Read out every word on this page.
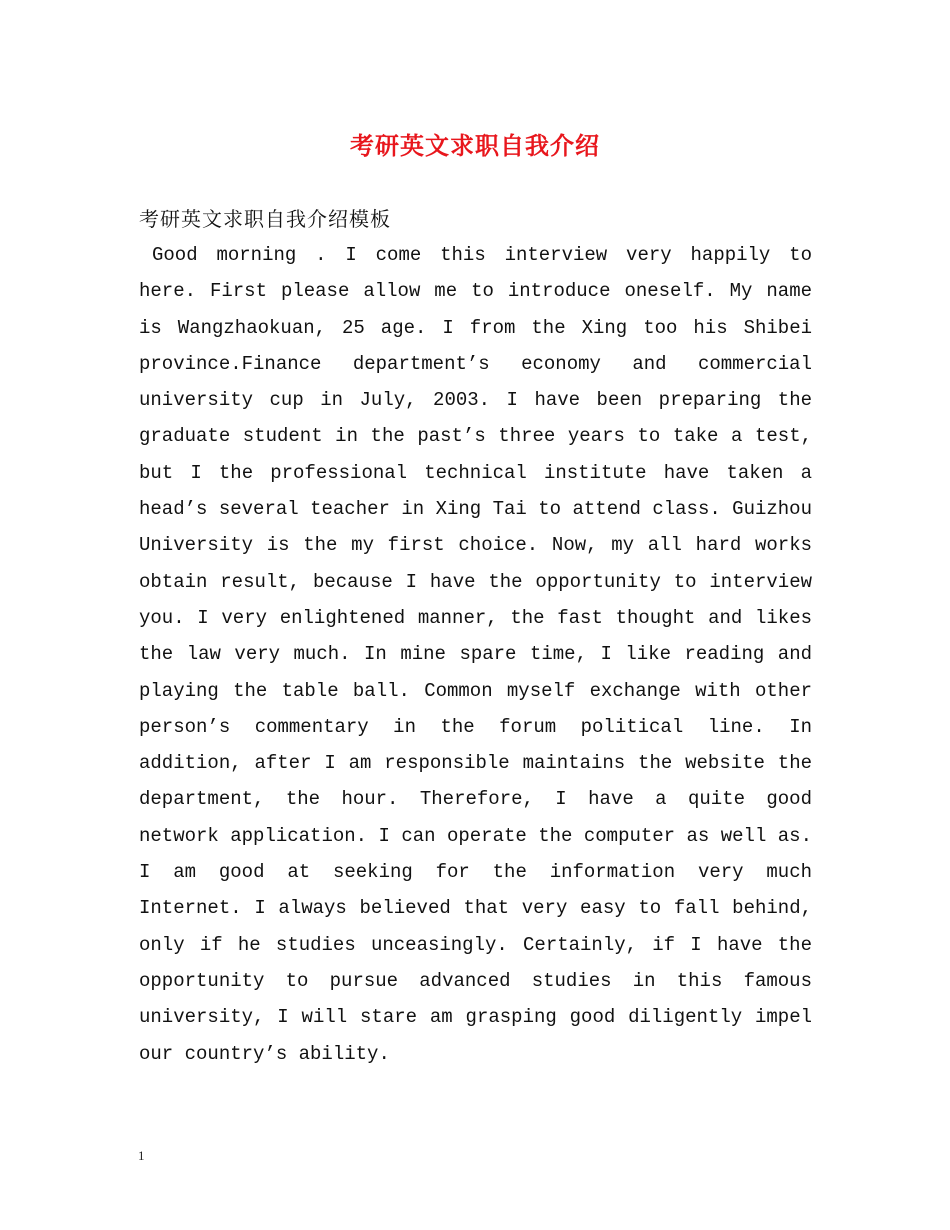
考研英文求职自我介绍
考研英文求职自我介绍模板

Good morning . I come this interview very happily to here. First please allow me to introduce oneself. My name is Wangzhaokuan, 25 age. I from the Xing too his Shibei province.Finance department’s economy and commercial university cup in July, 2003. I have been preparing the graduate student in the past’s three years to take a test, but I the professional technical institute have taken a head’s several teacher in Xing Tai to attend class. Guizhou University is the my first choice. Now, my all hard works obtain result, because I have the opportunity to interview you. I very enlightened manner, the fast thought and likes the law very much. In mine spare time, I like reading and playing the table ball. Common myself exchange with other person’s commentary in the forum political line. In addition, after I am responsible maintains the website the department, the hour. Therefore, I have a quite good network application. I can operate the computer as well as. I am good at seeking for the information very much Internet. I always believed that very easy to fall behind, only if he studies unceasingly. Certainly, if I have the opportunity to pursue advanced studies in this famous university, I will stare am grasping good diligently impel our country’s ability.

1
